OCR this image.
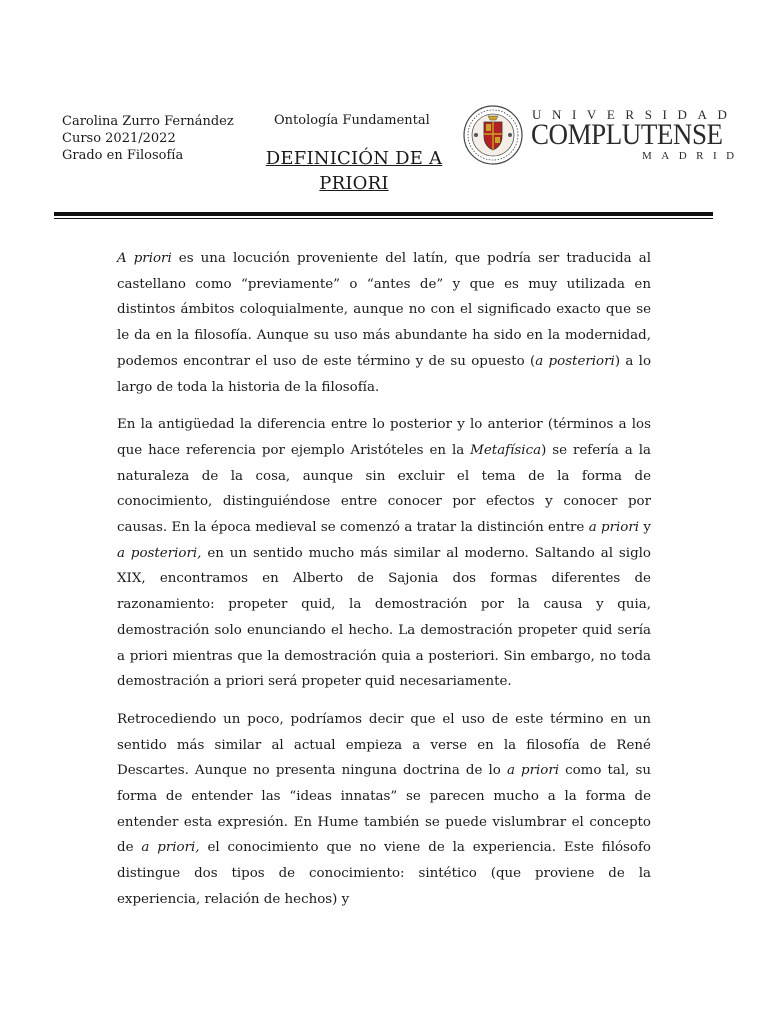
Carolina Zurro Fernández
Curso 2021/2022
Grado en Filosofía
Ontología Fundamental
DEFINICIÓN DE A
PRIORI
UNIVERSIDAD
COMPLUTENSE
MADRID

A priori es una locución proveniente del latín, que podría ser traducida al castellano como “previamente” o “antes de” y que es muy utilizada en distintos ámbitos coloquialmente, aunque no con el significado exacto que se le da en la filosofía. Aunque su uso más abundante ha sido en la modernidad, podemos encontrar el uso de este término y de su opuesto (a posteriori) a lo largo de toda la historia de la filosofía.

En la antigüedad la diferencia entre lo posterior y lo anterior (términos a los que hace referencia por ejemplo Aristóteles en la Metafísica) se refería a la naturaleza de la cosa, aunque sin excluir el tema de la forma de conocimiento, distinguiéndose entre conocer por efectos y conocer por causas. En la época medieval se comenzó a tratar la distinción entre a priori y a posteriori, en un sentido mucho más similar al moderno. Saltando al siglo XIX, encontramos en Alberto de Sajonia dos formas diferentes de razonamiento: propeter quid, la demostración por la causa y quia, demostración solo enunciando el hecho. La demostración propeter quid sería a priori mientras que la demostración quia a posteriori. Sin embargo, no toda demostración a priori será propeter quid necesariamente.

Retrocediendo un poco, podríamos decir que el uso de este término en un sentido más similar al actual empieza a verse en la filosofía de René Descartes. Aunque no presenta ninguna doctrina de lo a priori como tal, su forma de entender las “ideas innatas” se parecen mucho a la forma de entender esta expresión. En Hume también se puede vislumbrar el concepto de a priori, el conocimiento que no viene de la experiencia. Este filósofo distingue dos tipos de conocimiento: sintético (que proviene de la experiencia, relación de hechos) y
